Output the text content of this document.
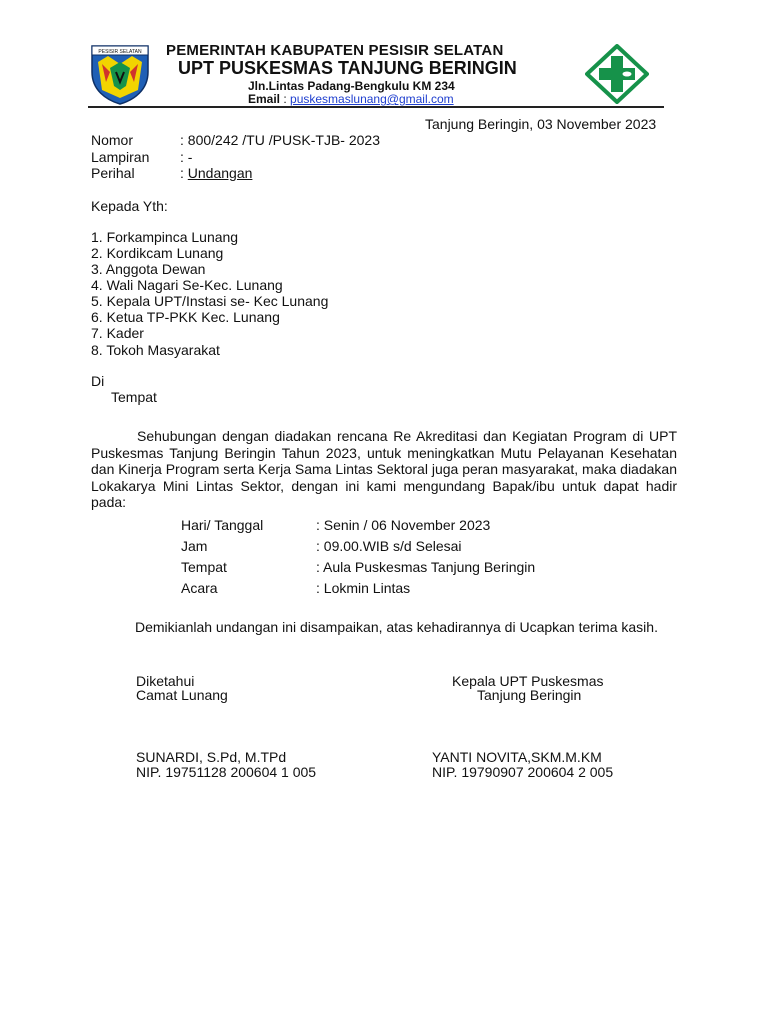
PESISIR SELATAN PEMERINTAH KABUPATEN PESISIR SELATAN
UPT PUSKESMAS TANJUNG BERINGIN
Jln.Lintas Padang-Bengkulu KM 234
Email : puskesmaslunang@gmail.com
Tanjung Beringin, 03 November 2023
Nomor	: 800/242 /TU /PUSK-TJB- 2023
Lampiran : -
Perihal	: Undangan
Kepada Yth:
1. Forkampinca Lunang
2. Kordikcam Lunang
3. Anggota Dewan
4. Wali Nagari Se-Kec. Lunang
5. Kepala UPT/Instasi se- Kec Lunang
6. Ketua TP-PKK Kec. Lunang
7. Kader
8. Tokoh Masyarakat
Di
Tempat
Sehubungan dengan diadakan rencana Re Akreditasi dan Kegiatan Program di UPT Puskesmas Tanjung Beringin Tahun 2023, untuk meningkatkan Mutu Pelayanan Kesehatan dan Kinerja Program serta Kerja Sama Lintas Sektoral juga peran masyarakat, maka diadakan Lokakarya Mini Lintas Sektor, dengan ini kami mengundang Bapak/ibu untuk dapat hadir pada:
Hari/ Tanggal	: Senin / 06 November 2023
Jam	: 09.00.WIB s/d Selesai
Tempat	: Aula Puskesmas Tanjung Beringin
Acara	: Lokmin Lintas
Demikianlah undangan ini disampaikan, atas kehadirannya di Ucapkan terima kasih.
Diketahui
Camat Lunang
Kepala UPT Puskesmas
Tanjung Beringin
SUNARDI, S.Pd, M.TPd
NIP. 19751128 200604 1 005
YANTI NOVITA,SKM.M.KM
NIP. 19790907 200604 2 005
